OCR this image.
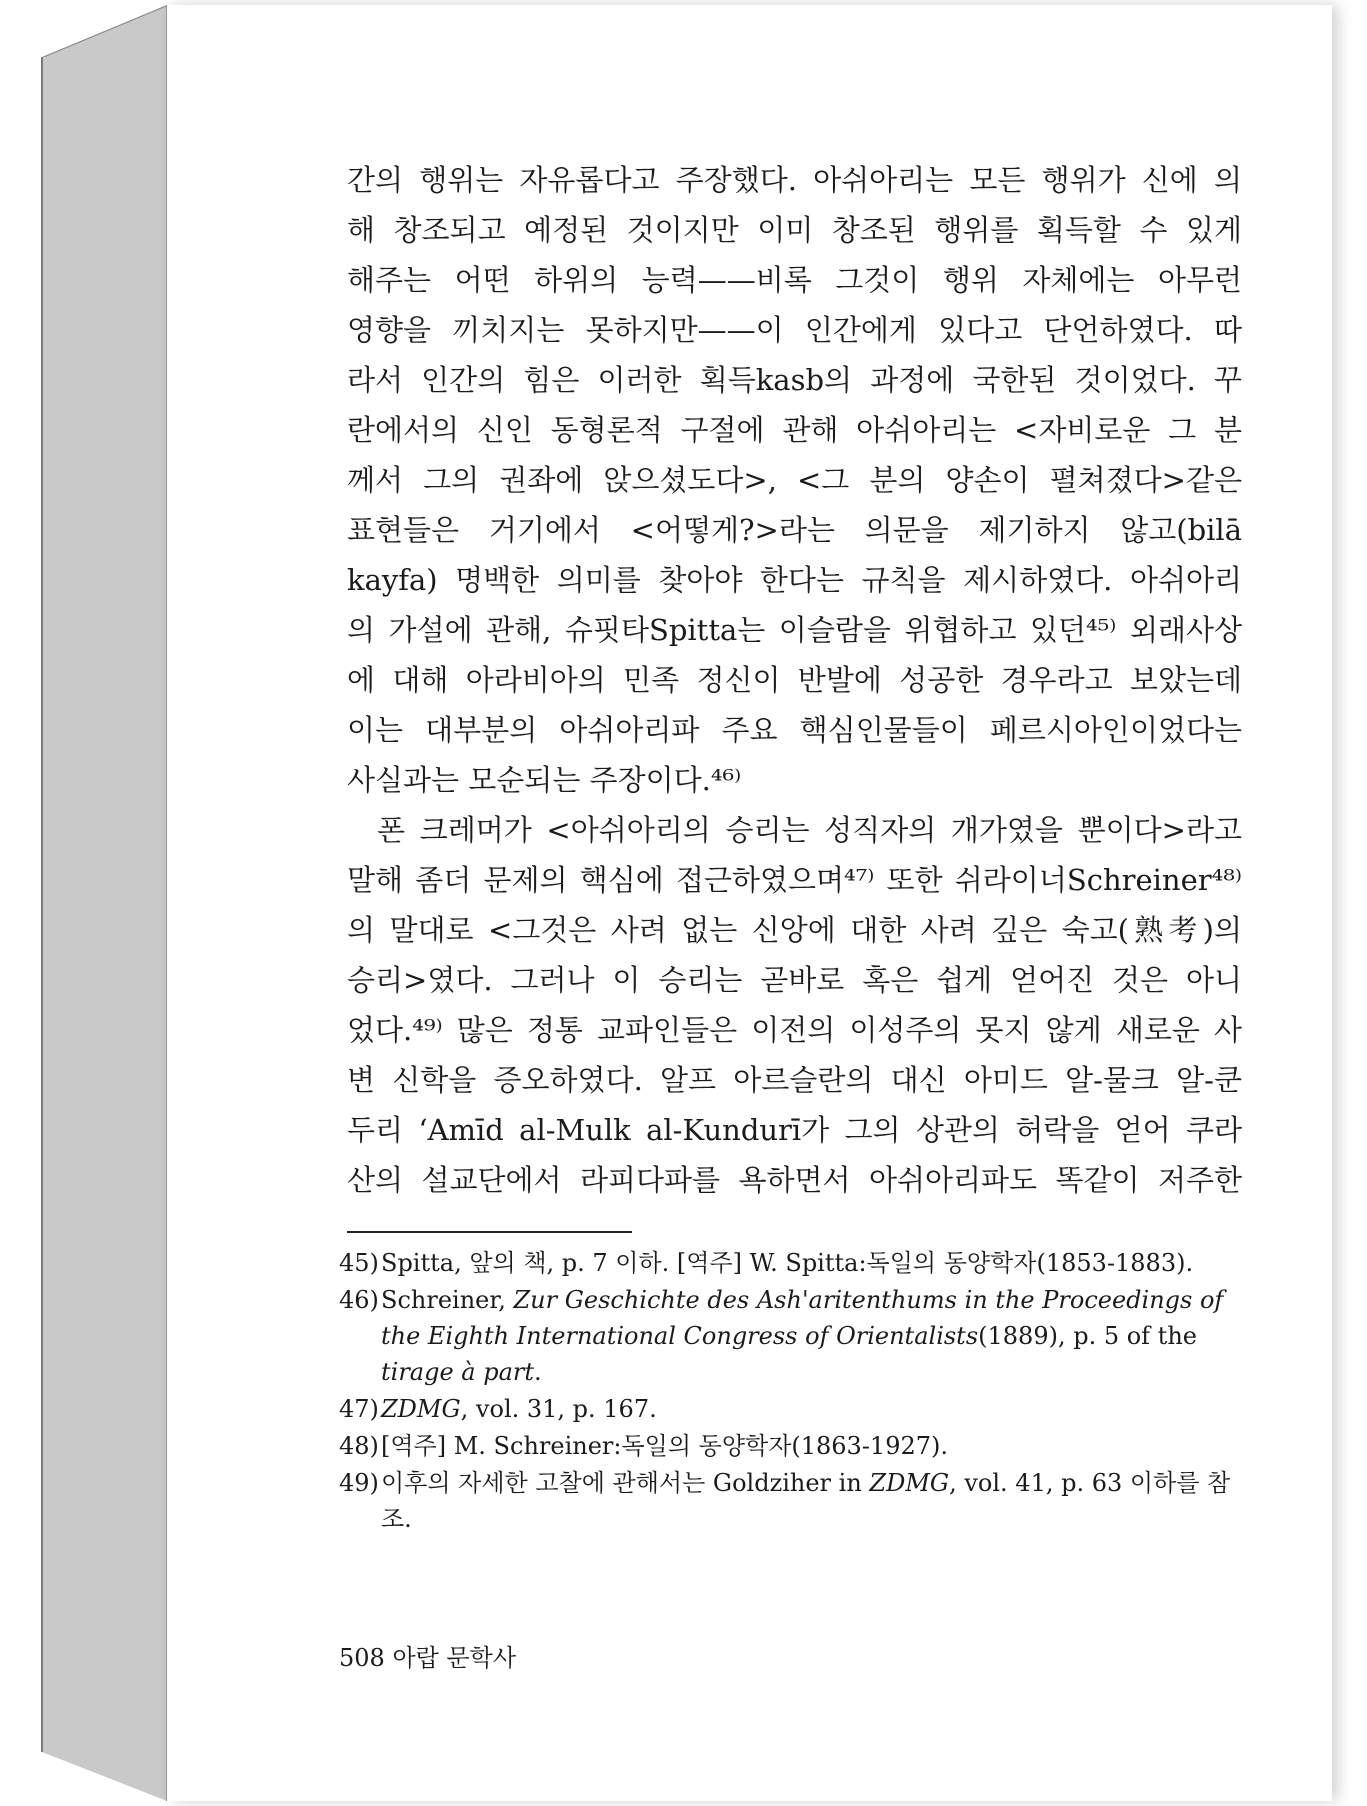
간의 행위는 자유롭다고 주장했다. 아쉬아리는 모든 행위가 신에 의
해 창조되고 예정된 것이지만 이미 창조된 행위를 획득할 수 있게
해주는 어떤 하위의 능력——비록 그것이 행위 자체에는 아무런
영향을 끼치지는 못하지만——이 인간에게 있다고 단언하였다. 따
라서 인간의 힘은 이러한 획득kasb의 과정에 국한된 것이었다. 꾸
란에서의 신인 동형론적 구절에 관해 아쉬아리는 <자비로운 그 분
께서 그의 권좌에 앉으셨도다>, <그 분의 양손이 펼쳐졌다>같은
표현들은 거기에서 <어떻게?>라는 의문을 제기하지 않고(bilā
kayfa) 명백한 의미를 찾아야 한다는 규칙을 제시하였다. 아쉬아리
의 가설에 관해, 슈핏타Spitta는 이슬람을 위협하고 있던⁴⁵⁾ 외래사상
에 대해 아라비아의 민족 정신이 반발에 성공한 경우라고 보았는데
이는 대부분의 아쉬아리파 주요 핵심인물들이 페르시아인이었다는
사실과는 모순되는 주장이다.⁴⁶⁾
폰 크레머가 <아쉬아리의 승리는 성직자의 개가였을 뿐이다>라고
말해 좀더 문제의 핵심에 접근하였으며⁴⁷⁾ 또한 쉬라이너Schreiner⁴⁸⁾
의 말대로 <그것은 사려 없는 신앙에 대한 사려 깊은 숙고(熟考)의
승리>였다. 그러나 이 승리는 곧바로 혹은 쉽게 얻어진 것은 아니
었다.⁴⁹⁾ 많은 정통 교파인들은 이전의 이성주의 못지 않게 새로운 사
변 신학을 증오하였다. 알프 아르슬란의 대신 아미드 알-물크 알-쿤
두리 ʻAmīd al-Mulk al-Kundurī가 그의 상관의 허락을 얻어 쿠라
산의 설교단에서 라피다파를 욕하면서 아쉬아리파도 똑같이 저주한
45) Spitta, 앞의 책, p. 7 이하. [역주] W. Spitta:독일의 동양학자(1853-1883).
46) Schreiner, Zur Geschichte des Ash'aritenthums in the Proceedings of the Eighth International Congress of Orientalists(1889), p. 5 of the tirage à part.
47) ZDMG, vol. 31, p. 167.
48) [역주] M. Schreiner:독일의 동양학자(1863-1927).
49) 이후의 자세한 고찰에 관해서는 Goldziher in ZDMG, vol. 41, p. 63 이하를 참조.
508 아랍 문학사
